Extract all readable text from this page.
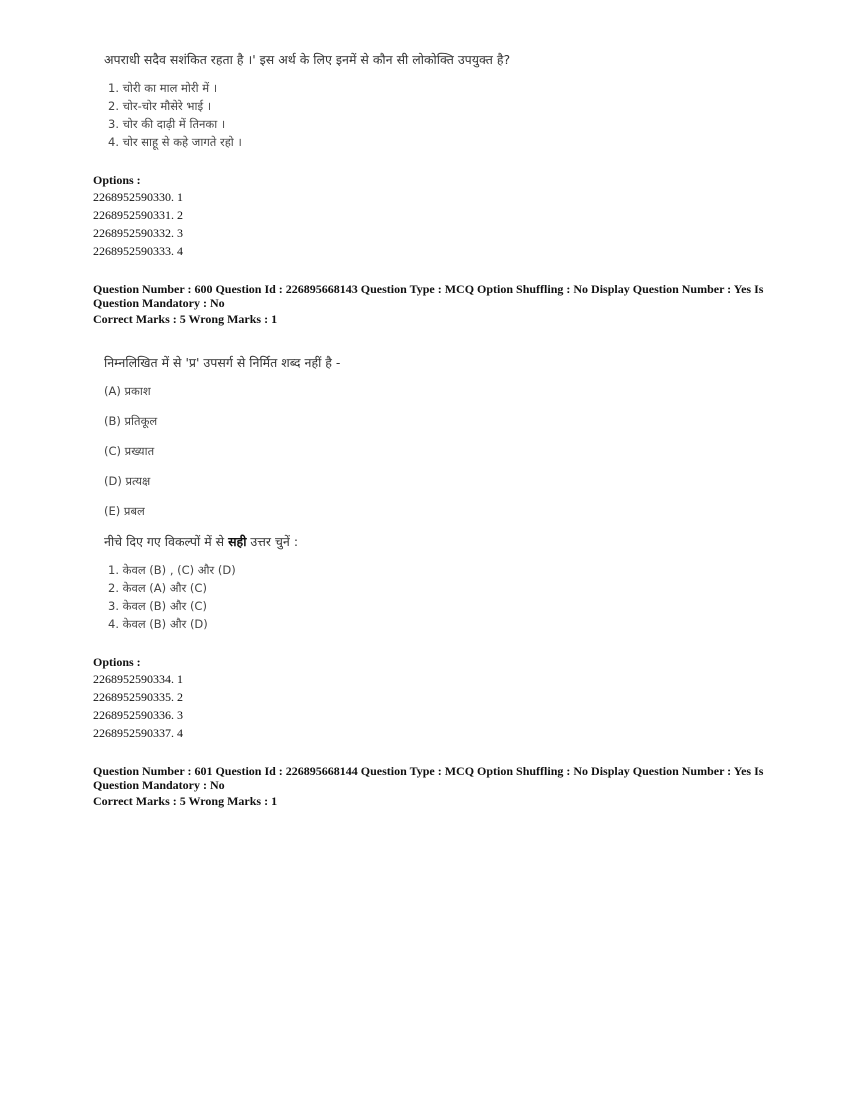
अपराधी सदैव सशंकित रहता है ।' इस अर्थ के लिए इनमें से कौन सी लोकोक्ति उपयुक्त है?
1. चोरी का माल मोरी में ।
2. चोर-चोर मौसेरे भाई ।
3. चोर की दाढ़ी में तिनका ।
4. चोर साहू से कहे जागते रहो ।
Options :
2268952590330. 1
2268952590331. 2
2268952590332. 3
2268952590333. 4
Question Number : 600 Question Id : 226895668143 Question Type : MCQ Option Shuffling : No Display Question Number : Yes Is
Question Mandatory : No
Correct Marks : 5 Wrong Marks : 1
निम्नलिखित में से 'प्र' उपसर्ग से निर्मित शब्द नहीं है -
(A) प्रकाश
(B) प्रतिकूल
(C) प्रख्यात
(D) प्रत्यक्ष
(E) प्रबल
नीचे दिए गए विकल्पों में से सही उत्तर चुनें :
1. केवल (B) , (C) और (D)
2. केवल (A) और (C)
3. केवल (B) और (C)
4. केवल (B) और (D)
Options :
2268952590334. 1
2268952590335. 2
2268952590336. 3
2268952590337. 4
Question Number : 601 Question Id : 226895668144 Question Type : MCQ Option Shuffling : No Display Question Number : Yes Is
Question Mandatory : No
Correct Marks : 5 Wrong Marks : 1
